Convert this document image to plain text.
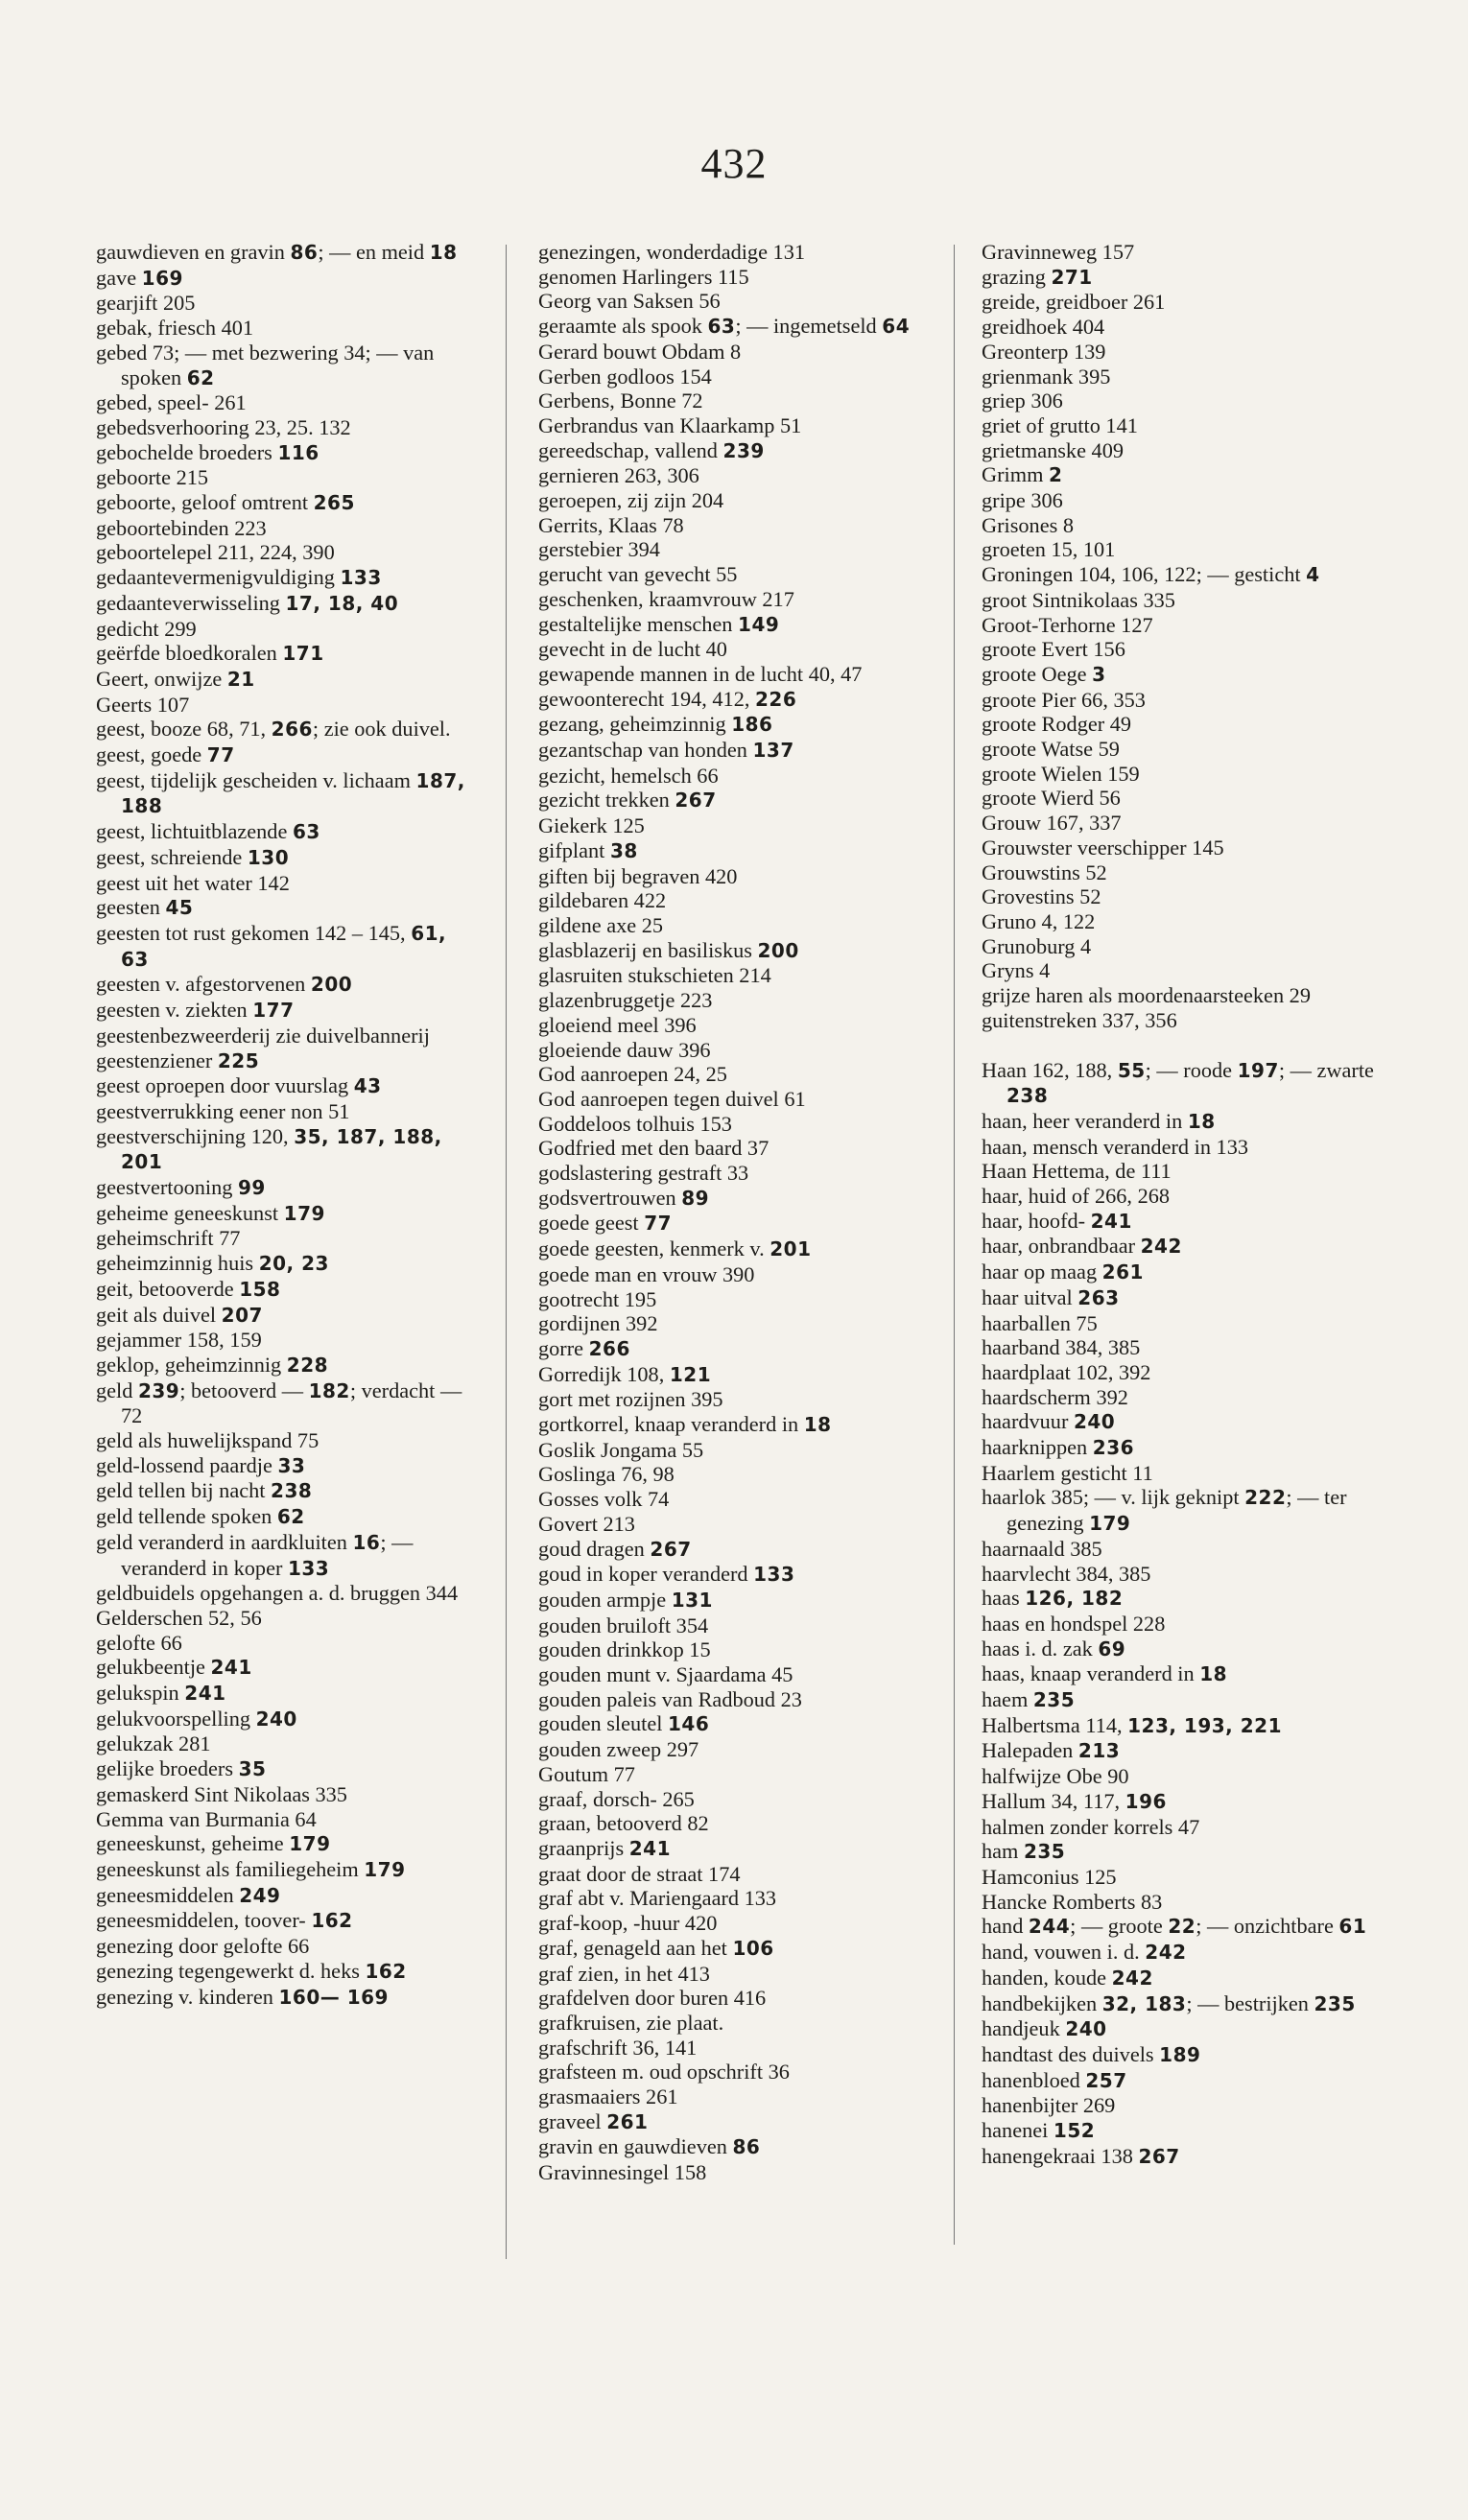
432
gauwdieven en gravin 86; — en meid 18
gave 169
gearjift 205
gebak, friesch 401
gebed 73; — met bezwering 34; — van spoken 62
gebed, speel- 261
gebedsverhooring 23, 25. 132
gebochelde broeders 116
geboorte 215
geboorte, geloof omtrent 265
geboortebinden 223
geboortelepel 211, 224, 390
gedaantevermenigvuldiging 133
gedaanteverwisseling 17, 18, 40
gedicht 299
geërfde bloedkoralen 171
Geert, onwijze 21
Geerts 107
geest, booze 68, 71, 266; zie ook duivel.
geest, goede 77
geest, tijdelijk gescheiden v. lichaam 187, 188
geest, lichtuitblazende 63
geest, schreiende 130
geest uit het water 142
geesten 45
geesten tot rust gekomen 142 – 145, 61, 63
geesten v. afgestorvenen 200
geesten v. ziekten 177
geestenbezweerderij zie duivelbannerij
geestenziener 225
geest oproepen door vuurslag 43
geestverrukking eener non 51
geestverschijning 120, 35, 187, 188, 201
geestvertooning 99
geheime geneeskunst 179
geheimschrift 77
geheimzinnig huis 20, 23
geit, betooverde 158
geit als duivel 207
gejammer 158, 159
geklop, geheimzinnig 228
geld 239; betooverd — 182; verdacht — 72
geld als huwelijkspand 75
geld-lossend paardje 33
geld tellen bij nacht 238
geld tellende spoken 62
geld veranderd in aardkluiten 16; — veranderd in koper 133
geldbuidels opgehangen a. d. bruggen 344
Gelderschen 52, 56
gelofte 66
gelukbeentje 241
gelukspin 241
gelukvoorspelling 240
gelukzak 281
gelijke broeders 35
gemaskerd Sint Nikolaas 335
Gemma van Burmania 64
geneeskunst, geheime 179
geneeskunst als familiegeheim 179
geneesmiddelen 249
geneesmiddelen, toover- 162
genezing door gelofte 66
genezing tegengewerkt d. heks 162
genezing v. kinderen 160— 169
genezingen, wonderdadige 131
genomen Harlingers 115
Georg van Saksen 56
geraamte als spook 63; — ingemetseld 64
Gerard bouwt Obdam 8
Gerben godloos 154
Gerbens, Bonne 72
Gerbrandus van Klaarkamp 51
gereedschap, vallend 239
gernieren 263, 306
geroepen, zij zijn 204
Gerrits, Klaas 78
gerstebier 394
gerucht van gevecht 55
geschenken, kraamvrouw 217
gestaltelijke menschen 149
gevecht in de lucht 40
gewapende mannen in de lucht 40, 47
gewoonterecht 194, 412, 226
gezang, geheimzinnig 186
gezantschap van honden 137
gezicht, hemelsch 66
gezicht trekken 267
Giekerk 125
gifplant 38
giften bij begraven 420
gildebaren 422
gildene axe 25
glasblazerij en basiliskus 200
glasruiten stukschieten 214
glazenbruggetje 223
gloeiend meel 396
gloeiende dauw 396
God aanroepen 24, 25
God aanroepen tegen duivel 61
Goddeloos tolhuis 153
Godfried met den baard 37
godslastering gestraft 33
godsvertrouwen 89
goede geest 77
goede geesten, kenmerk v. 201
goede man en vrouw 390
gootrecht 195
gordijnen 392
gorre 266
Gorredijk 108, 121
gort met rozijnen 395
gortkorrel, knaap veranderd in 18
Goslik Jongama 55
Goslinga 76, 98
Gosses volk 74
Govert 213
goud dragen 267
goud in koper veranderd 133
gouden armpje 131
gouden bruiloft 354
gouden drinkkop 15
gouden munt v. Sjaardama 45
gouden paleis van Radboud 23
gouden sleutel 146
gouden zweep 297
Goutum 77
graaf, dorsch- 265
graan, betooverd 82
graanprijs 241
graat door de straat 174
graf abt v. Mariengaard 133
graf-koop, -huur 420
graf, genageld aan het 106
graf zien, in het 413
grafdelven door buren 416
grafkruisen, zie plaat.
grafschrift 36, 141
grafsteen m. oud opschrift 36
grasmaaiers 261
graveel 261
gravin en gauwdieven 86
Gravinnesingel 158
Gravinneweg 157
grazing 271
greide, greidboer 261
greidhoek 404
Greonterp 139
grienmank 395
griep 306
griet of grutto 141
grietmanske 409
Grimm 2
gripe 306
Grisones 8
groeten 15, 101
Groningen 104, 106, 122; — gesticht 4
groot Sintnikolaas 335
Groot-Terhorne 127
groote Evert 156
groote Oege 3
groote Pier 66, 353
groote Rodger 49
groote Watse 59
groote Wielen 159
groote Wierd 56
Grouw 167, 337
Grouwster veerschipper 145
Grouwstins 52
Grovestins 52
Gruno 4, 122
Grunoburg 4
Gryns 4
grijze haren als moordenaarsteeken 29
guitenstreken 337, 356
Haan 162, 188, 55; — roode 197; — zwarte 238
haan, heer veranderd in 18
haan, mensch veranderd in 133
Haan Hettema, de 111
haar, huid of 266, 268
haar, hoofd- 241
haar, onbrandbaar 242
haar op maag 261
haar uitval 263
haarballen 75
haarband 384, 385
haardplaat 102, 392
haardscherm 392
haardvuur 240
haarknippen 236
Haarlem gesticht 11
haarlok 385; — v. lijk geknipt 222; — ter genezing 179
haarnaald 385
haarvlecht 384, 385
haas 126, 182
haas en hondspel 228
haas i. d. zak 69
haas, knaap veranderd in 18
haem 235
Halbertsma 114, 123, 193, 221
Halepaden 213
halfwijze Obe 90
Hallum 34, 117, 196
halmen zonder korrels 47
ham 235
Hamconius 125
Hancke Romberts 83
hand 244; — groote 22; — onzichtbare 61
hand, vouwen i. d. 242
handen, koude 242
handbekijken 32, 183; — bestrijken 235
handjeuk 240
handtast des duivels 189
hanenbloed 257
hanenbijter 269
hanenei 152
hanengekraai 138 267
